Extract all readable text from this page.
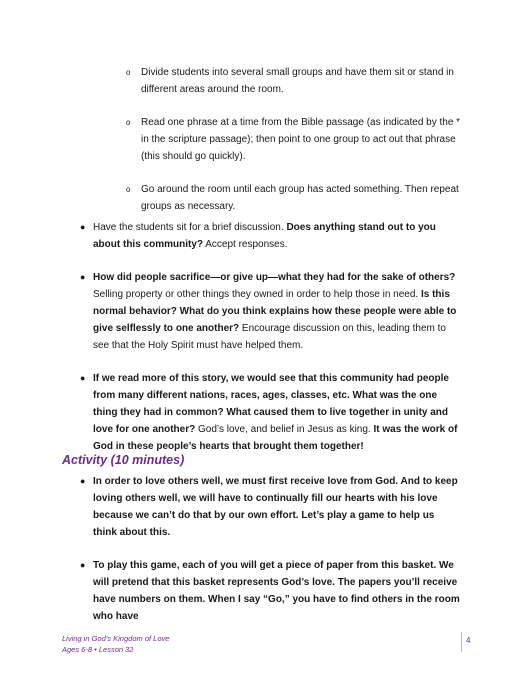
o Divide students into several small groups and have them sit or stand in different areas around the room.
o Read one phrase at a time from the Bible passage (as indicated by the * in the scripture passage); then point to one group to act out that phrase (this should go quickly).
o Go around the room until each group has acted something. Then repeat groups as necessary.
● Have the students sit for a brief discussion. Does anything stand out to you about this community? Accept responses.
● How did people sacrifice—or give up—what they had for the sake of others? Selling property or other things they owned in order to help those in need. Is this normal behavior? What do you think explains how these people were able to give selflessly to one another? Encourage discussion on this, leading them to see that the Holy Spirit must have helped them.
● If we read more of this story, we would see that this community had people from many different nations, races, ages, classes, etc. What was the one thing they had in common? What caused them to live together in unity and love for one another? God’s love, and belief in Jesus as king. It was the work of God in these people’s hearts that brought them together!
Activity (10 minutes)
● In order to love others well, we must first receive love from God. And to keep loving others well, we will have to continually fill our hearts with his love because we can’t do that by our own effort. Let’s play a game to help us think about this.
● To play this game, each of you will get a piece of paper from this basket. We will pretend that this basket represents God’s love. The papers you’ll receive have numbers on them. When I say “Go,” you have to find others in the room who have
Living in God’s Kingdom of Love
Ages 6-8 • Lesson 32
4
